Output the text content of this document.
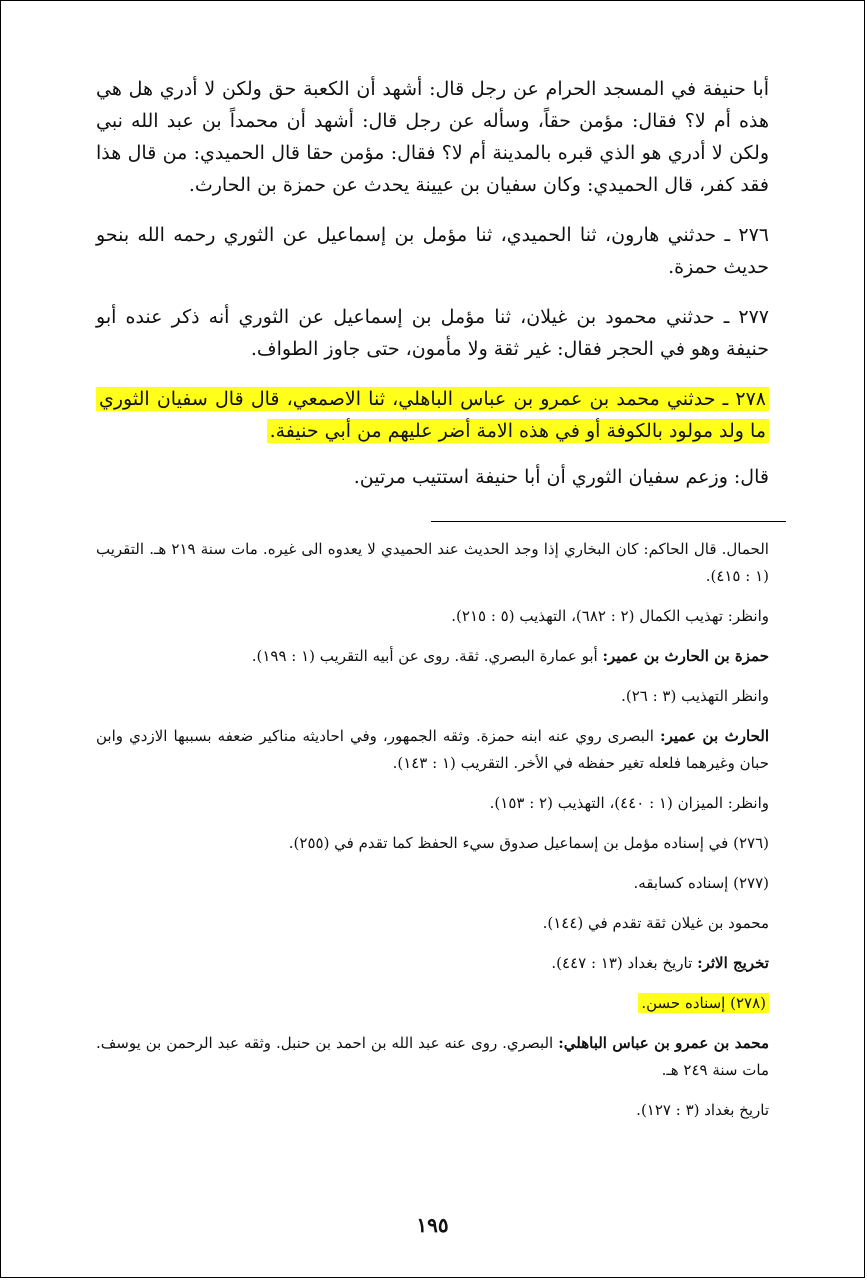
أبا حنيفة في المسجد الحرام عن رجل قال: أشهد أن الكعبة حق ولكن لا أدري هل هي هذه أم لا؟ فقال: مؤمن حقاً، وسأله عن رجل قال: أشهد أن محمداً بن عبد الله نبي ولكن لا أدري هو الذي قبره بالمدينة أم لا؟ فقال: مؤمن حقا قال الحميدي: من قال هذا فقد كفر، قال الحميدي: وكان سفيان بن عيينة يحدث عن حمزة بن الحارث.

٢٧٦ ـ حدثني هارون، ثنا الحميدي، ثنا مؤمل بن إسماعيل عن الثوري رحمه الله بنحو حديث حمزة.

٢٧٧ ـ حدثني محمود بن غيلان، ثنا مؤمل بن إسماعيل عن الثوري أنه ذكر عنده أبو حنيفة وهو في الحجر فقال: غير ثقة ولا مأمون، حتى جاوز الطواف.

٢٧٨ ـ حدثني محمد بن عمرو بن عباس الباهلي، ثنا الاصمعي، قال قال سفيان الثوري ما ولد مولود بالكوفة أو في هذه الامة أضر عليهم من أبي حنيفة.

قال: وزعم سفيان الثوري أن أبا حنيفة استتيب مرتين.

الحمال. قال الحاكم: كان البخاري إذا وجد الحديث عند الحميدي لا يعدوه الى غيره. مات سنة ٢١٩ هـ. التقريب (١ : ٤١٥).

وانظر: تهذيب الكمال (٢ : ٦٨٢)، التهذيب (٥ : ٢١٥).

حمزة بن الحارث بن عمير: أبو عمارة البصري. ثقة. روى عن أبيه التقريب (١ : ١٩٩).

وانظر التهذيب (٣ : ٢٦).

الحارث بن عمير: البصرى روي عنه ابنه حمزة. وثقه الجمهور، وفي احاديثه مناكير ضعفه بسببها الازدي وابن حبان وغيرهما فلعله تغير حفظه في الأخر. التقريب (١ : ١٤٣).

وانظر: الميزان (١ : ٤٤٠)، التهذيب (٢ : ١٥٣).

(٢٧٦) في إسناده مؤمل بن إسماعيل صدوق سيء الحفظ كما تقدم في (٢٥٥).

(٢٧٧) إسناده كسابقه.

محمود بن غيلان ثقة تقدم في (١٤٤).

تخريج الاثر: تاريخ بغداد (١٣ : ٤٤٧).

(٢٧٨) إسناده حسن.

محمد بن عمرو بن عباس الباهلي: البصري. روى عنه عبد الله بن احمد بن حنبل. وثقه عبد الرحمن بن يوسف. مات سنة ٢٤٩ هـ.

تاريخ بغداد (٣ : ١٢٧).

١٩٥
